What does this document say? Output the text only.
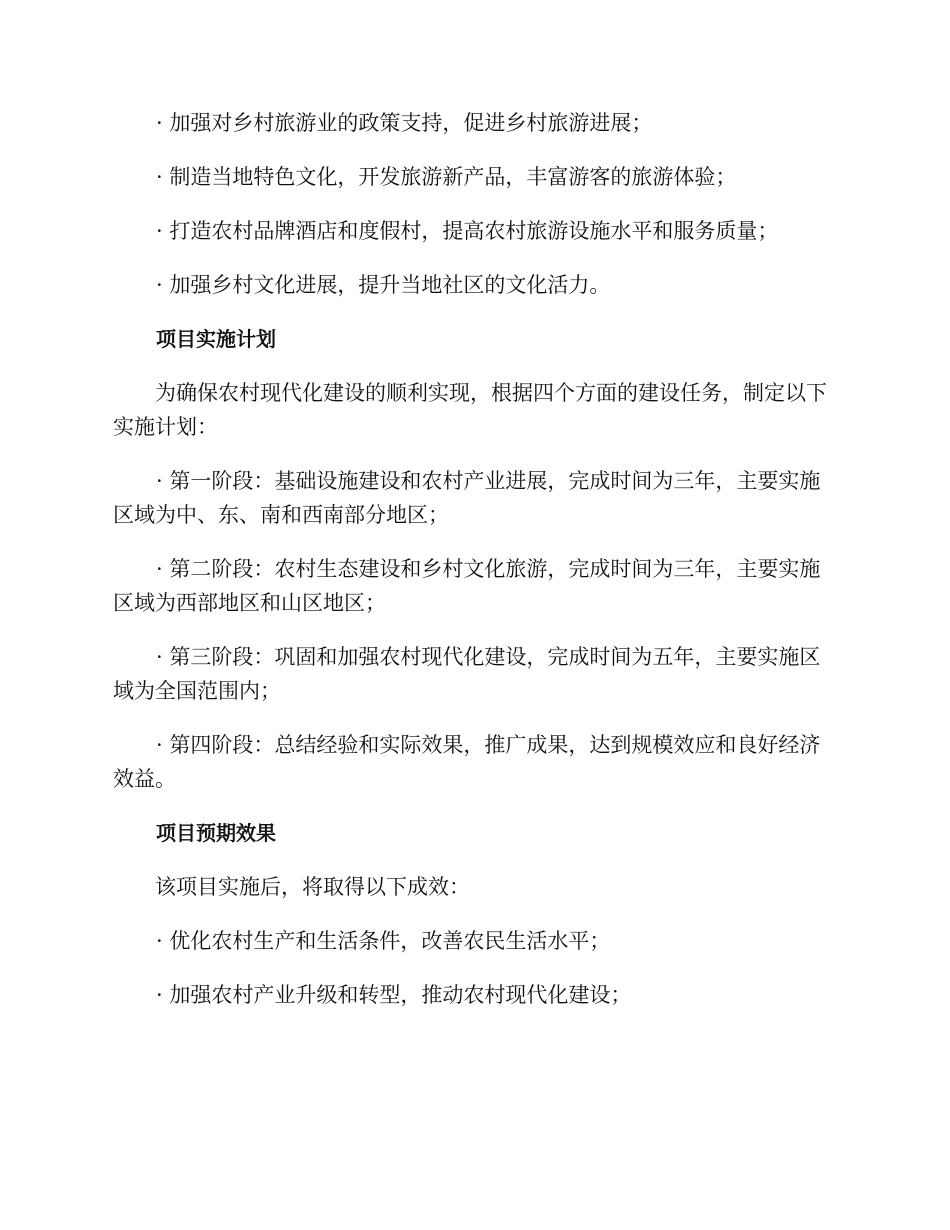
· 加强对乡村旅游业的政策支持，促进乡村旅游进展；

· 制造当地特色文化，开发旅游新产品，丰富游客的旅游体验；

· 打造农村品牌酒店和度假村，提高农村旅游设施水平和服务质量；

· 加强乡村文化进展，提升当地社区的文化活力。

项目实施计划

为确保农村现代化建设的顺利实现，根据四个方面的建设任务，制定以下实施计划：

· 第一阶段：基础设施建设和农村产业进展，完成时间为三年，主要实施区域为中、东、南和西南部分地区；

· 第二阶段：农村生态建设和乡村文化旅游，完成时间为三年，主要实施区域为西部地区和山区地区；

· 第三阶段：巩固和加强农村现代化建设，完成时间为五年，主要实施区域为全国范围内；

· 第四阶段：总结经验和实际效果，推广成果，达到规模效应和良好经济效益。

项目预期效果

该项目实施后，将取得以下成效：

· 优化农村生产和生活条件，改善农民生活水平；

· 加强农村产业升级和转型，推动农村现代化建设；
